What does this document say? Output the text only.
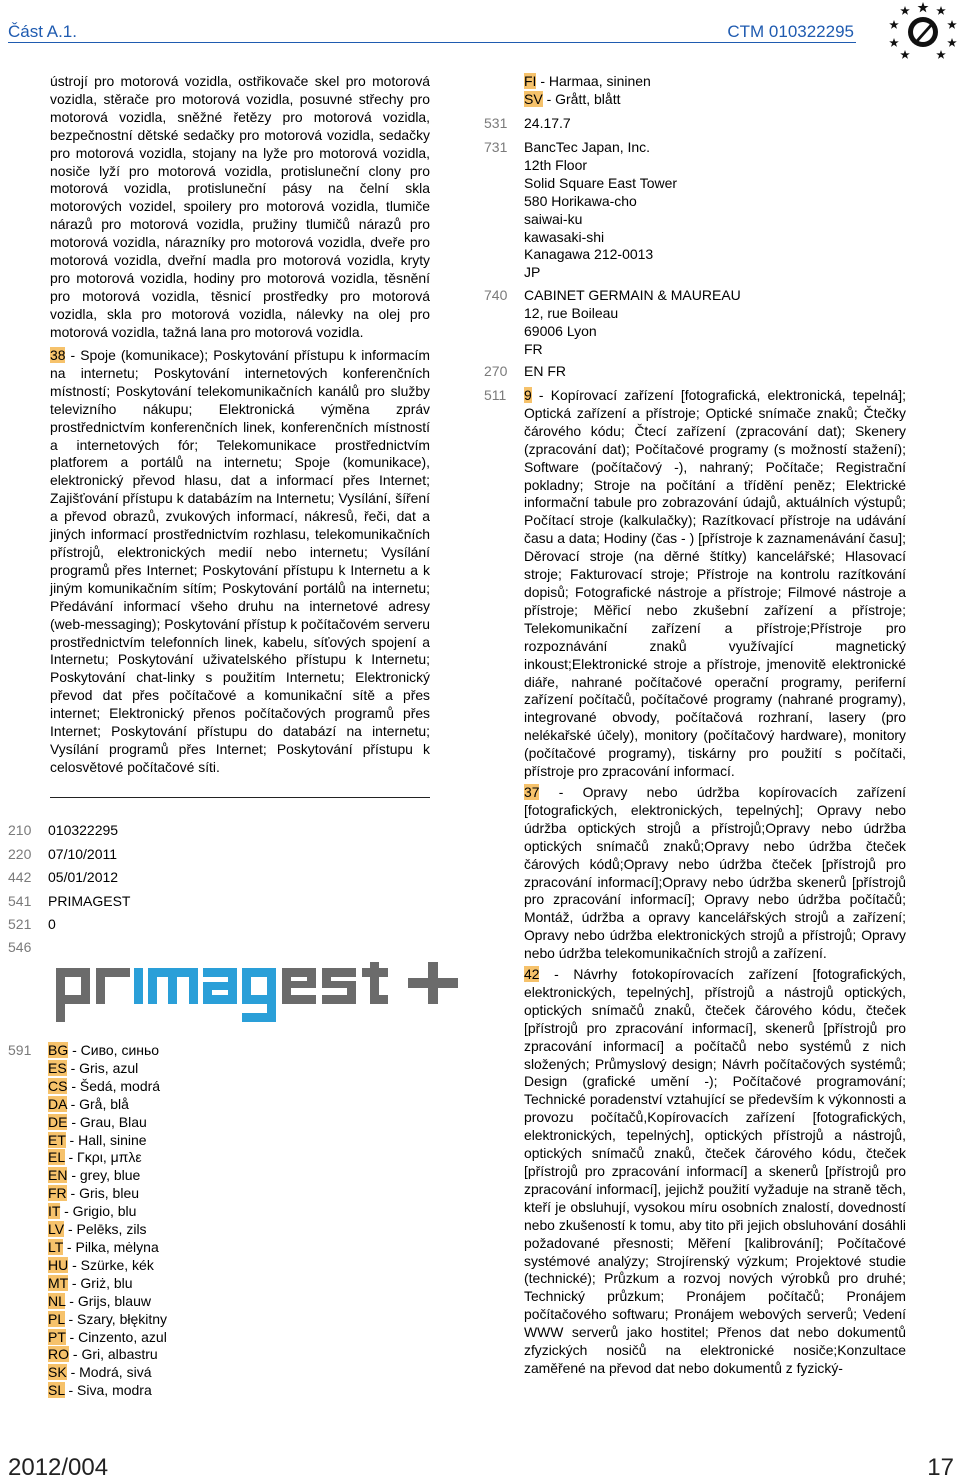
Část A.1.	CTM 010322295

ústrojí pro motorová vozidla, ostřikovače skel pro motorová vozidla, stěrače pro motorová vozidla, posuvné střechy pro motorová vozidla, sněžné řetězy pro motorová vozidla, bezpečnostní dětské sedačky pro motorová vozidla, sedačky pro motorová vozidla, stojany na lyže pro motorová vozidla, nosiče lyží pro motorová vozidla, protisluneční clony pro motorová vozidla, protisluneční pásy na čelní skla motorových vozidel, spoilery pro motorová vozidla, tlumiče nárazů pro motorová vozidla, pružiny tlumičů nárazů pro motorová vozidla, nárazníky pro motorová vozidla, dveře pro motorová vozidla, dveřní madla pro motorová vozidla, kryty pro motorová vozidla, hodiny pro motorová vozidla, těsnění pro motorová vozidla, těsnicí prostředky pro motorová vozidla, skla pro motorová vozidla, nálevky na olej pro motorová vozidla, tažná lana pro motorová vozidla.

38 - Spoje (komunikace); Poskytování přístupu k informacím na internetu; Poskytování internetových konferenčních místností; Poskytování telekomunikačních kanálů pro služby televizního nákupu; Elektronická výměna zpráv prostřednictvím konferenčních linek, konferenčních místností a internetových fór; Telekomunikace prostřednictvím platforem a portálů na internetu; Spoje (komunikace), elektronický převod hlasu, dat a informací přes Internet; Zajišťování přístupu k databázím na Internetu; Vysílání, šíření a převod obrazů, zvukových informací, nákresů, řeči, dat a jiných informací prostřednictvím rozhlasu, telekomunikačních přístrojů, elektronických medií nebo internetu; Vysílání programů přes Internet; Poskytování přístupu k Internetu a k jiným komunikačním sítím; Poskytování portálů na internetu; Předávání informací všeho druhu na internetové adresy (web-messaging); Poskytování přístup k počítačovém serveru prostřednictvím telefonních linek, kabelu, síťových spojení a Internetu; Poskytování uživatelského přístupu k Internetu; Poskytování chat-linky s použitím Internetu; Elektronický převod dat přes počítačové a komunikační sítě a přes internet; Elektronický přenos počítačových programů přes Internet; Poskytování přístupu do databází na internetu; Vysílání programů přes Internet; Poskytování přístupu k celosvětové počítačové síti.

210 010322295
220 07/10/2011
442 05/01/2012
541 PRIMAGEST
521 0
546
591 BG - Сиво, синьо
ES - Gris, azul
CS - Šedá, modrá
DA - Grå, blå
DE - Grau, Blau
ET - Hall, sinine
EL - Γκρι, μπλε
EN - grey, blue
FR - Gris, bleu
IT - Grigio, blu
LV - Pelēks, zils
LT - Pilka, mėlyna
HU - Szürke, kék
MT - Griż, blu
NL - Grijs, blauw
PL - Szary, błękitny
PT - Cinzento, azul
RO - Gri, albastru
SK - Modrá, sivá
SL - Siva, modra
FI - Harmaa, sininen
SV - Grått, blått
531 24.17.7
731 BancTec Japan, Inc.
12th Floor
Solid Square East Tower
580 Horikawa-cho
saiwai-ku
kawasaki-shi
Kanagawa 212-0013
JP
740 CABINET GERMAIN & MAUREAU
12, rue Boileau
69006 Lyon
FR
270 EN FR
511 9 - Kopírovací zařízení [fotografická, elektronická, tepelná]; Optická zařízení a přístroje; Optické snímače znaků; Čtečky čárového kódu; Čtecí zařízení (zpracování dat); Skenery (zpracování dat); Počítačové programy (s možností stažení); Software (počítačový -), nahraný; Počítače; Registrační pokladny; Stroje na počítání a třídění peněz; Elektrické informační tabule pro zobrazování údajů, aktuálních výstupů; Počítací stroje (kalkulačky); Razítkovací přístroje na udávání času a data; Hodiny (čas - ) [přístroje k zaznamenávání času]; Děrovací stroje (na děrné štítky) kancelářské; Hlasovací stroje; Fakturovací stroje; Přístroje na kontrolu razítkování dopisů; Fotografické nástroje a přístroje; Filmové nástroje a přístroje; Měřicí nebo zkušební zařízení a přístroje; Telekomunikační zařízení a přístroje;Přístroje pro rozpoznávání znaků využívající magnetický inkoust;Elektronické stroje a přístroje, jmenovitě elektronické diáře, nahrané počítačové operační programy, periferní zařízení počítačů, počítačové programy (nahrané programy), integrované obvody, počítačová rozhraní, lasery (pro nelékařské účely), monitory (počítačový hardware), monitory (počítačové programy), tiskárny pro použití s počítači, přístroje pro zpracování informací.

37 - Opravy nebo údržba kopírovacích zařízení [fotografických, elektronických, tepelných]; Opravy nebo údržba optických strojů a přístrojů;Opravy nebo údržba optických snímačů znaků;Opravy nebo údržba čteček čárových kódů;Opravy nebo údržba čteček [přístrojů pro zpracování informací];Opravy nebo údržba skenerů [přístrojů pro zpracování informací]; Opravy nebo údržba počítačů; Montáž, údržba a opravy kancelářských strojů a zařízení; Opravy nebo údržba elektronických strojů a přístrojů; Opravy nebo údržba telekomunikačních strojů a zařízení.

42 - Návrhy fotokopírovacích zařízení [fotografických, elektronických, tepelných], přístrojů a nástrojů optických, optických snímačů znaků, čteček čárového kódu, čteček [přístrojů pro zpracování informací], skenerů [přístrojů pro zpracování informací] a počítačů nebo systémů z nich složených; Průmyslový design; Návrh počítačových systémů; Design (grafické umění -); Počítačové programování; Technické poradenství vztahující se především k výkonnosti a provozu počítačů,Kopírovacích zařízení [fotografických, elektronických, tepelných], optických přístrojů a nástrojů, optických snímačů znaků, čteček čárového kódu, čteček [přístrojů pro zpracování informací] a skenerů [přístrojů pro zpracování informací], jejichž použití vyžaduje na straně těch, kteří je obsluhují, vysokou míru osobních znalostí, dovedností nebo zkušeností k tomu, aby tito při jejich obsluhování dosáhli požadované přesnosti; Měření [kalibrování]; Počítačové systémové analýzy; Strojírenský výzkum; Projektové studie (technické); Průzkum a rozvoj nových výrobků pro druhé; Technický průzkum; Pronájem počítačů; Pronájem počítačového softwaru; Pronájem webových serverů; Vedení WWW serverů jako hostitel; Přenos dat nebo dokumentů zfyzických nosičů na elektronické nosiče;Konzultace zaměřené na převod dat nebo dokumentů z fyzický-

2012/004	17
